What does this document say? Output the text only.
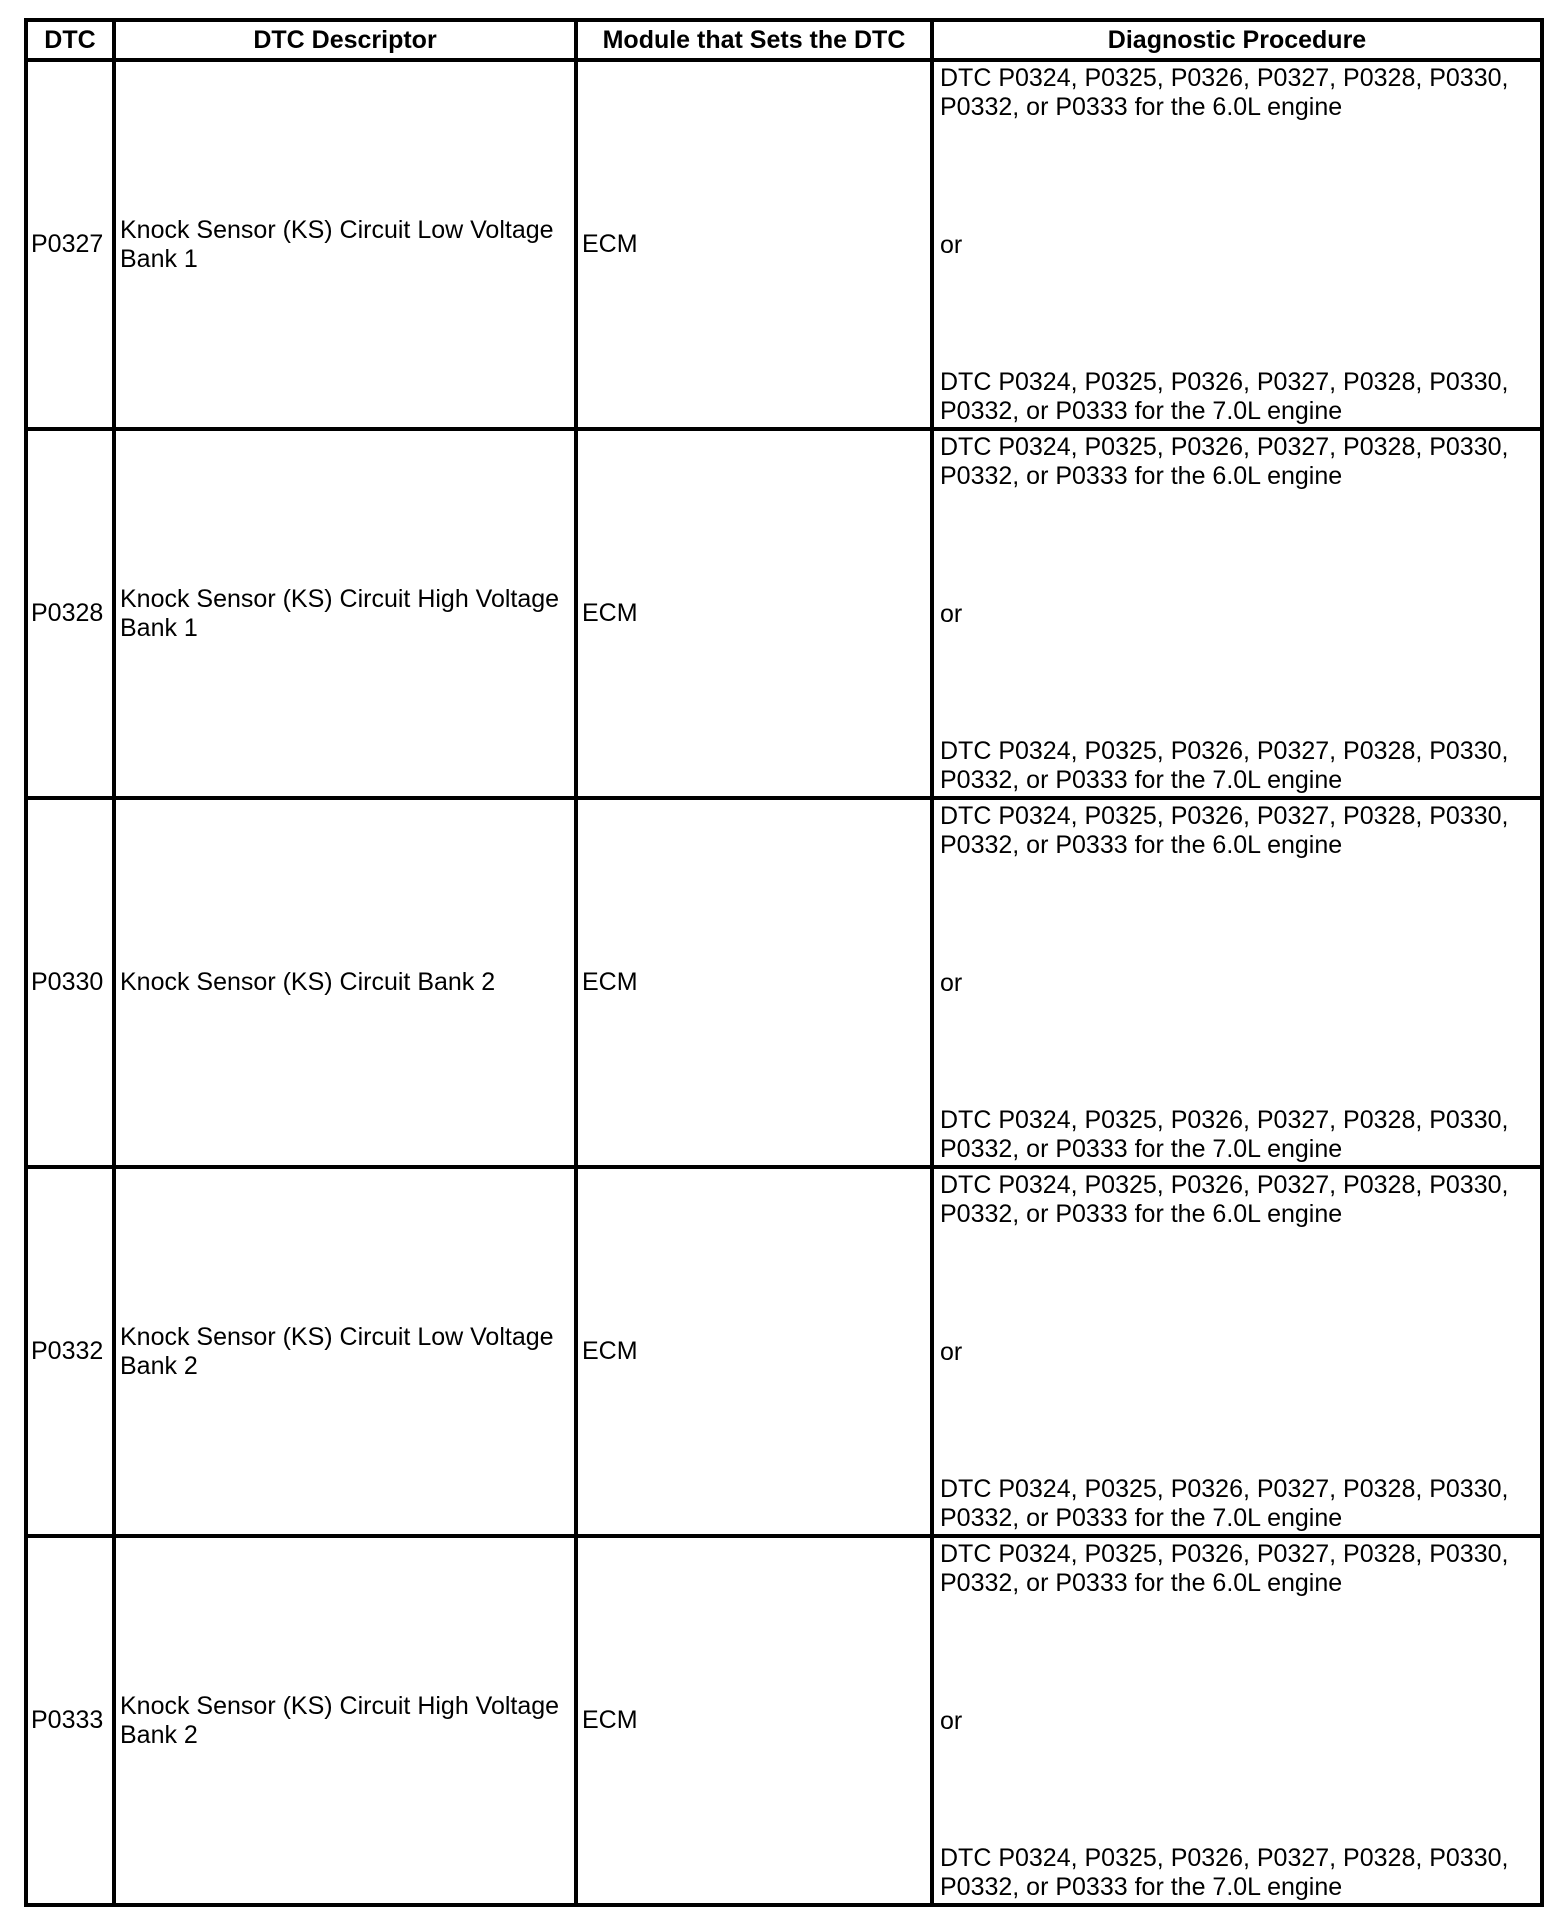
DTC	DTC Descriptor	Module that Sets the DTC	Diagnostic Procedure
P0327	Knock Sensor (KS) Circuit Low Voltage Bank 1	ECM	DTC P0324, P0325, P0326, P0327, P0328, P0330, P0332, or P0333 for the 6.0L engine
or
DTC P0324, P0325, P0326, P0327, P0328, P0330, P0332, or P0333 for the 7.0L engine

P0328	Knock Sensor (KS) Circuit High Voltage Bank 1	ECM	DTC P0324, P0325, P0326, P0327, P0328, P0330, P0332, or P0333 for the 6.0L engine
or
DTC P0324, P0325, P0326, P0327, P0328, P0330, P0332, or P0333 for the 7.0L engine

P0330	Knock Sensor (KS) Circuit Bank 2	ECM	DTC P0324, P0325, P0326, P0327, P0328, P0330, P0332, or P0333 for the 6.0L engine
or
DTC P0324, P0325, P0326, P0327, P0328, P0330, P0332, or P0333 for the 7.0L engine

P0332	Knock Sensor (KS) Circuit Low Voltage Bank 2	ECM	DTC P0324, P0325, P0326, P0327, P0328, P0330, P0332, or P0333 for the 6.0L engine
or
DTC P0324, P0325, P0326, P0327, P0328, P0330, P0332, or P0333 for the 7.0L engine

P0333	Knock Sensor (KS) Circuit High Voltage Bank 2	ECM	DTC P0324, P0325, P0326, P0327, P0328, P0330, P0332, or P0333 for the 6.0L engine
or
DTC P0324, P0325, P0326, P0327, P0328, P0330, P0332, or P0333 for the 7.0L engine
